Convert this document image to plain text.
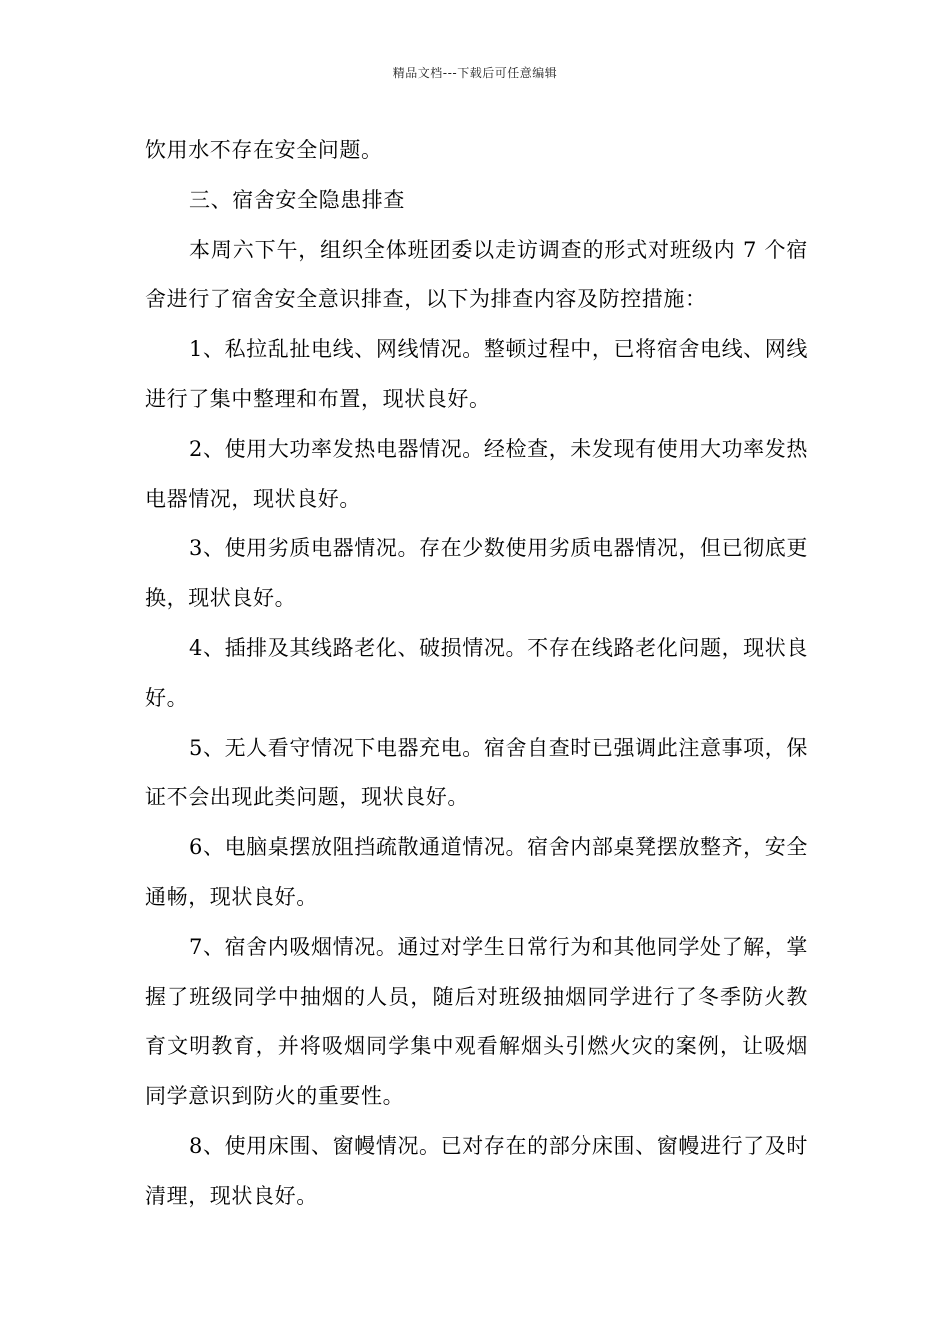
精品文档---下载后可任意编辑

饮用水不存在安全问题。

三、宿舍安全隐患排查

本周六下午，组织全体班团委以走访调查的形式对班级内 7 个宿舍进行了宿舍安全意识排查，以下为排查内容及防控措施：

1、私拉乱扯电线、网线情况。整顿过程中，已将宿舍电线、网线进行了集中整理和布置，现状良好。

2、使用大功率发热电器情况。经检查，未发现有使用大功率发热电器情况，现状良好。

3、使用劣质电器情况。存在少数使用劣质电器情况，但已彻底更换，现状良好。

4、插排及其线路老化、破损情况。不存在线路老化问题，现状良好。

5、无人看守情况下电器充电。宿舍自查时已强调此注意事项，保证不会出现此类问题，现状良好。

6、电脑桌摆放阻挡疏散通道情况。宿舍内部桌凳摆放整齐，安全通畅，现状良好。

7、宿舍内吸烟情况。通过对学生日常行为和其他同学处了解，掌握了班级同学中抽烟的人员，随后对班级抽烟同学进行了冬季防火教育文明教育，并将吸烟同学集中观看解烟头引燃火灾的案例，让吸烟同学意识到防火的重要性。

8、使用床围、窗幔情况。已对存在的部分床围、窗幔进行了及时清理，现状良好。
